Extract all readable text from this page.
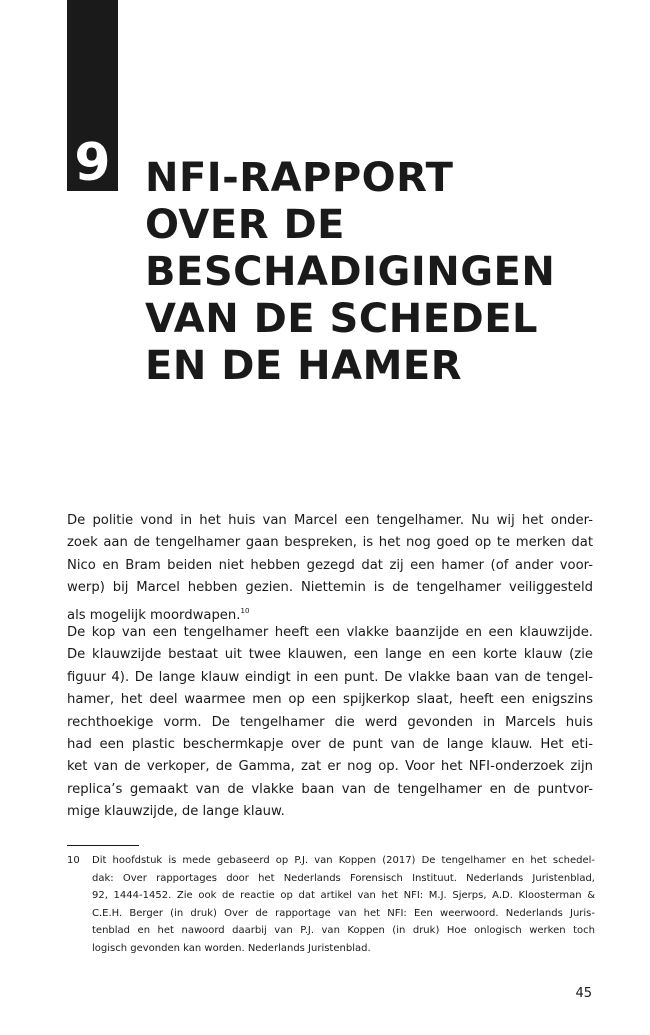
9 NFI-RAPPORT
OVER DE
BESCHADIGINGEN
VAN DE SCHEDEL
EN DE HAMER
De politie vond in het huis van Marcel een tengelhamer. Nu wij het onder-
zoek aan de tengelhamer gaan bespreken, is het nog goed op te merken dat
Nico en Bram beiden niet hebben gezegd dat zij een hamer (of ander voor-
werp) bij Marcel hebben gezien. Niettemin is de tengelhamer veiliggesteld
als mogelijk moordwapen.$^{10}$
De kop van een tengelhamer heeft een vlakke baanzijde en een klauwzijde.
De klauwzijde bestaat uit twee klauwen, een lange en een korte klauw (zie
figuur 4). De lange klauw eindigt in een punt. De vlakke baan van de tengel-
hamer, het deel waarmee men op een spijkerkop slaat, heeft een enigszins
rechthoekige vorm. De tengelhamer die werd gevonden in Marcels huis
had een plastic beschermkapje over de punt van de lange klauw. Het eti-
ket van de verkoper, de Gamma, zat er nog op. Voor het NFI-onderzoek zijn
replica’s gemaakt van de vlakke baan van de tengelhamer en de puntvor-
mige klauwzijde, de lange klauw.
10 Dit hoofdstuk is mede gebaseerd op P.J. van Koppen (2017) De tengelhamer en het schedel-
dak: Over rapportages door het Nederlands Forensisch Instituut. Nederlands Juristenblad,
92, 1444-1452. Zie ook de reactie op dat artikel van het NFI: M.J. Sjerps, A.D. Kloosterman &
C.E.H. Berger (in druk) Over de rapportage van het NFI: Een weerwoord. Nederlands Juris-
tenblad en het nawoord daarbij van P.J. van Koppen (in druk) Hoe onlogisch werken toch
logisch gevonden kan worden. Nederlands Juristenblad.
45
